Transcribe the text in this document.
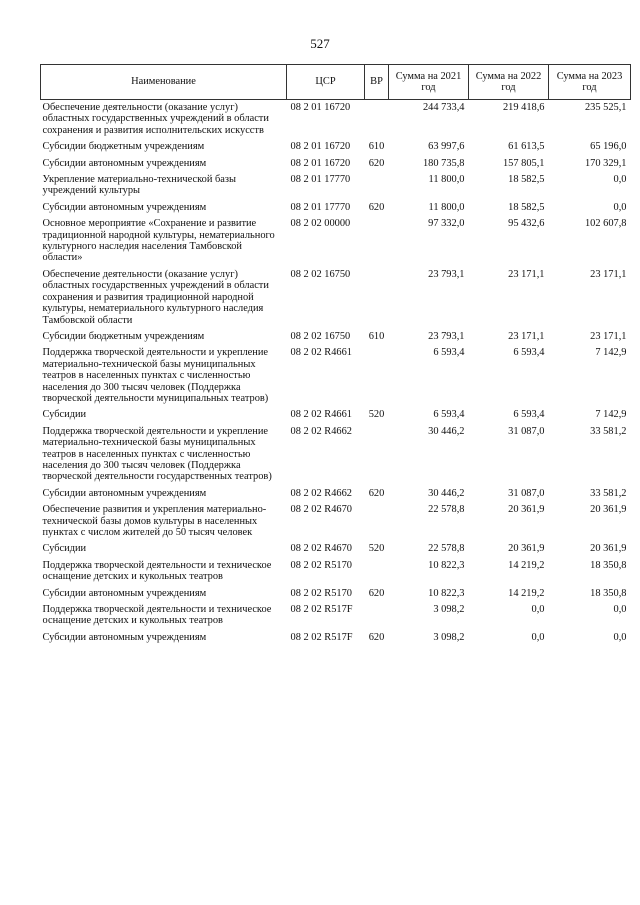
527
Наименование	ЦСР	ВР	Сумма на 2021 год	Сумма на 2022 год	Сумма на 2023 год
Обеспечение деятельности (оказание услуг) областных государственных учреждений в области сохранения и развития исполнительских искусств	08 2 01 16720		244 733,4	219 418,6	235 525,1
Субсидии бюджетным учреждениям	08 2 01 16720	610	63 997,6	61 613,5	65 196,0
Субсидии автономным учреждениям	08 2 01 16720	620	180 735,8	157 805,1	170 329,1
Укрепление материально-технической базы учреждений культуры	08 2 01 17770		11 800,0	18 582,5	0,0
Субсидии автономным учреждениям	08 2 01 17770	620	11 800,0	18 582,5	0,0
Основное мероприятие «Сохранение и развитие традиционной народной культуры, нематериального культурного наследия населения Тамбовской области»	08 2 02 00000		97 332,0	95 432,6	102 607,8
Обеспечение деятельности (оказание услуг) областных государственных учреждений в области сохранения и развития традиционной народной культуры, нематериального культурного наследия Тамбовской области	08 2 02 16750		23 793,1	23 171,1	23 171,1
Субсидии бюджетным учреждениям	08 2 02 16750	610	23 793,1	23 171,1	23 171,1
Поддержка творческой деятельности и укрепление материально-технической базы муниципальных театров в населенных пунктах с численностью населения до 300 тысяч человек (Поддержка творческой деятельности муниципальных театров)	08 2 02 R4661		6 593,4	6 593,4	7 142,9
Субсидии	08 2 02 R4661	520	6 593,4	6 593,4	7 142,9
Поддержка творческой деятельности и укрепление материально-технической базы муниципальных театров в населенных пунктах с численностью населения до 300 тысяч человек (Поддержка творческой деятельности государственных театров)	08 2 02 R4662		30 446,2	31 087,0	33 581,2
Субсидии автономным учреждениям	08 2 02 R4662	620	30 446,2	31 087,0	33 581,2
Обеспечение развития и укрепления материально-технической базы домов культуры в населенных пунктах с числом жителей до 50 тысяч человек	08 2 02 R4670		22 578,8	20 361,9	20 361,9
Субсидии	08 2 02 R4670	520	22 578,8	20 361,9	20 361,9
Поддержка творческой деятельности и техническое оснащение детских и кукольных театров	08 2 02 R5170		10 822,3	14 219,2	18 350,8
Субсидии автономным учреждениям	08 2 02 R5170	620	10 822,3	14 219,2	18 350,8
Поддержка творческой деятельности и техническое оснащение детских и кукольных театров	08 2 02 R517F		3 098,2	0,0	0,0
Субсидии автономным учреждениям	08 2 02 R517F	620	3 098,2	0,0	0,0
